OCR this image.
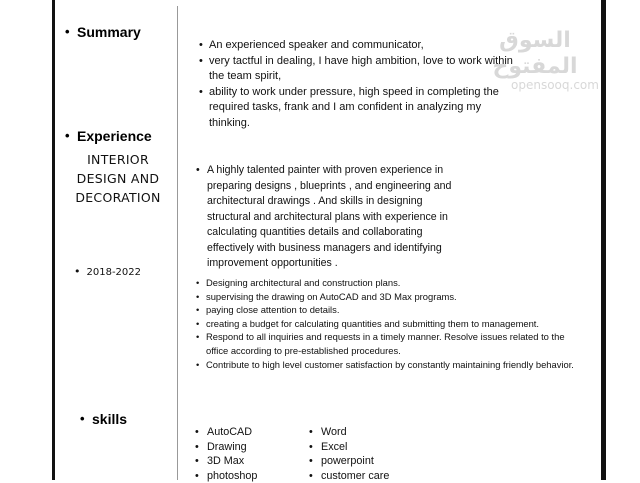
السوق المفتوح
opensooq.com
• Summary
• An experienced speaker and communicator,
• very tactful in dealing, I have high ambition, love to work within the team spirit,
• ability to work under pressure, high speed in completing the required tasks, frank and I am confident in analyzing my thinking.
• Experience
INTERIOR DESIGN AND DECORATION
• 2018-2022
• A highly talented painter with proven experience in preparing designs , blueprints , and engineering and architectural drawings . And skills in designing structural and architectural plans with experience in calculating quantities details and collaborating effectively with business managers and identifying improvement opportunities .
• Designing architectural and construction plans.
• supervising the drawing on AutoCAD and 3D Max programs.
• paying close attention to details.
• creating a budget for calculating quantities and submitting them to management.
• Respond to all inquiries and requests in a timely manner. Resolve issues related to the office according to pre-established procedures.
• Contribute to high level customer satisfaction by constantly maintaining friendly behavior.
• skills
• AutoCAD
• Drawing
• 3D Max
• photoshop
• Word
• Excel
• powerpoint
• customer care
